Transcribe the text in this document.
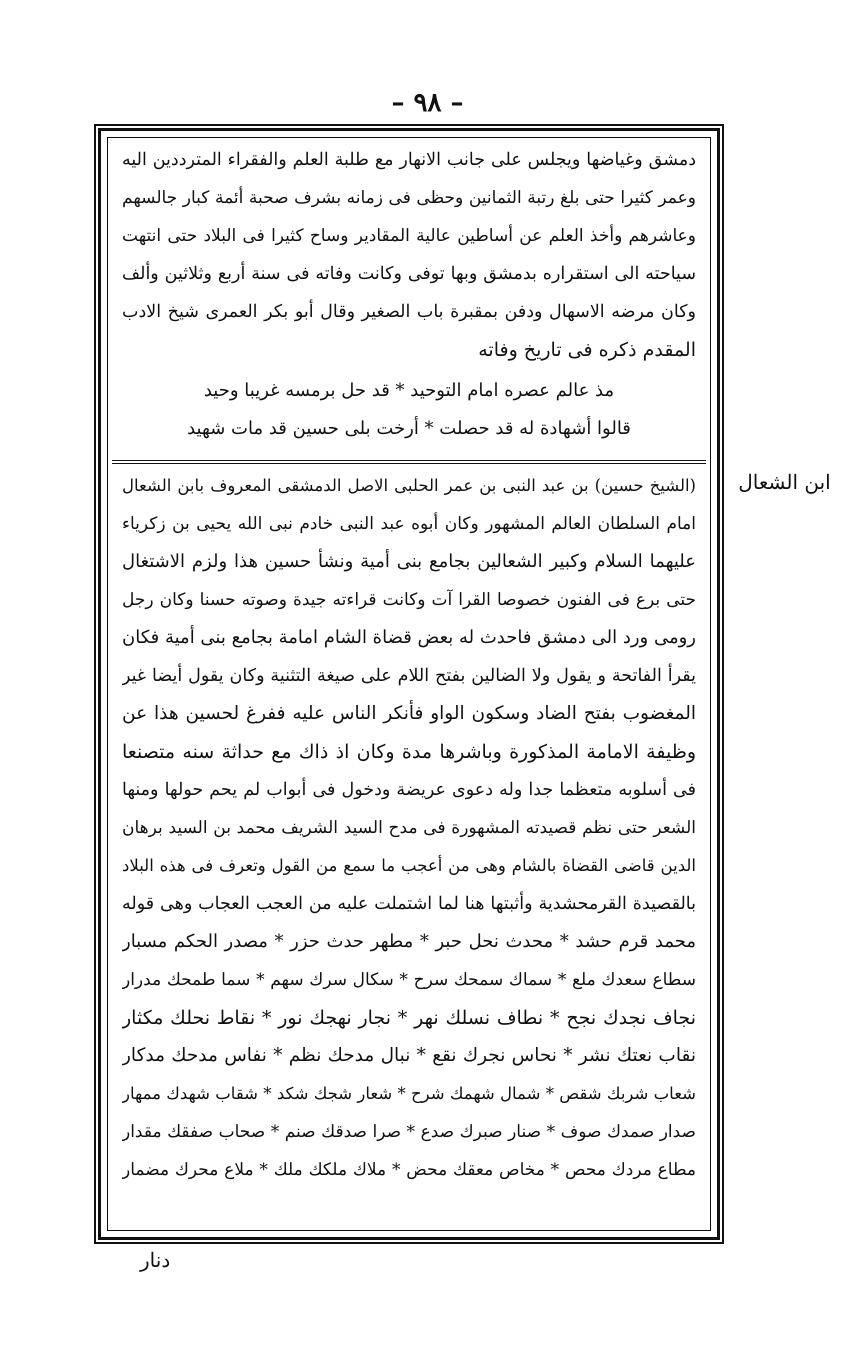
– ٩٨ –
دمشق وغياضها ويجلس على جانب الانهار مع طلبة العلم والفقراء المترددين اليه
وعمر كثيرا حتى بلغ رتبة الثمانين وحظى فى زمانه بشرف صحبة أئمة كبار جالسهم
وعاشرهم وأخذ العلم عن أساطين عالية المقادير وساح كثيرا فى البلاد حتى انتهت
سياحته الى استقراره بدمشق وبها توفى وكانت وفاته فى سنة أربع وثلاثين وألف
وكان مرضه الاسهال ودفن بمقبرة باب الصغير وقال أبو بكر العمرى شيخ الادب
المقدم ذكره فى تاريخ وفاته
مذ عالم عصره امام التوحيد * قد حل برمسه غريبا وحيد
قالوا أشهادة له قد حصلت * أرخت بلى حسين قد مات شهيد
(الشيخ حسين) بن عبد النبى بن عمر الحلبى الاصل الدمشقى المعروف بابن الشعال
امام السلطان العالم المشهور وكان أبوه عبد النبى خادم نبى الله يحيى بن زكرياء
عليهما السلام وكبير الشعالين بجامع بنى أمية ونشأ حسين هذا ولزم الاشتغال
حتى برع فى الفنون خصوصا القرا آت وكانت قراءته جيدة وصوته حسنا وكان رجل
رومى ورد الى دمشق فاحدث له بعض قضاة الشام امامة بجامع بنى أمية فكان
يقرأ الفاتحة و يقول ولا الضالين بفتح اللام على صيغة التثنية وكان يقول أيضا غير
المغضوب بفتح الضاد وسكون الواو فأنكر الناس عليه ففرغ لحسين هذا عن
وظيفة الامامة المذكورة وباشرها مدة وكان اذ ذاك مع حداثة سنه متصنعا
فى أسلوبه متعظما جدا وله دعوى عريضة ودخول فى أبواب لم يحم حولها ومنها
الشعر حتى نظم قصيدته المشهورة فى مدح السيد الشريف محمد بن السيد برهان
الدين قاضى القضاة بالشام وهى من أعجب ما سمع من القول وتعرف فى هذه البلاد
بالقصيدة القرمحشدية وأثبتها هنا لما اشتملت عليه من العجب العجاب وهى قوله
محمد قرم حشد * محدث نحل حبر * مطهر حدث حزر * مصدر الحكم مسبار
سطاع سعدك ملع * سماك سمحك سرح * سكال سرك سهم * سما طمحك مدرار
نجاف نجدك نجح * نطاف نسلك نهر * نجار نهجك نور * نقاط نحلك مكثار
نقاب نعتك نشر * نحاس نجرك نقع * نبال مدحك نظم * نفاس مدحك مدكار
شعاب شربك شقص * شمال شهمك شرح * شعار شجك شكد * شقاب شهدك ممهار
صدار صمدك صوف * صنار صبرك صدع * صرا صدقك صنم * صحاب صفقك مقدار
مطاع مردك محص * مخاص معقك محض * ملاك ملكك ملك * ملاع محرك مضمار
ابن الشعال
دنار
